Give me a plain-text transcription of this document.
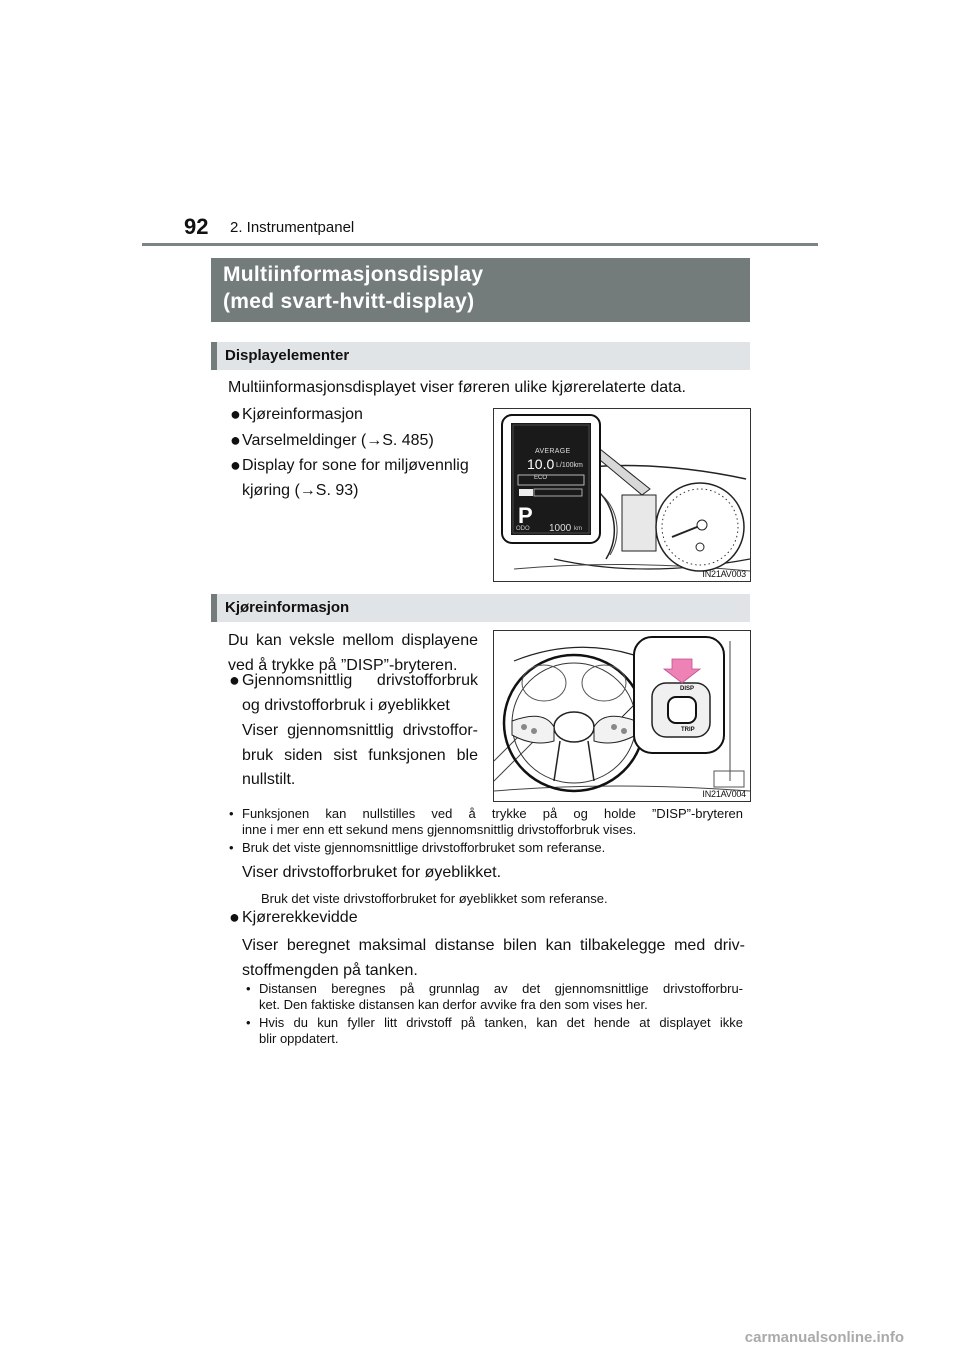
92 2. Instrumentpanel
Multiinformasjonsdisplay
(med svart-hvitt-display)
Displayelementer
Multiinformasjonsdisplayet viser føreren ulike kjørerelaterte data.
● Kjøreinformasjon
● Varselmeldinger (→S. 485)
● Display for sone for miljøvennlig
kjøring (→S. 93)
AVERAGE
10.0 L/100km
ECO
P
ODO 1000 km
IN21AV003
Kjøreinformasjon
Du kan veksle mellom displayene
ved å trykke på ”DISP”-bryteren.
● Gjennomsnittlig drivstofforbruk
og drivstofforbruk i øyeblikket
Viser gjennomsnittlig drivstoffor-
bruk siden sist funksjonen ble
nullstilt.
DISP
TRIP
IN21AV004
• Funksjonen kan nullstilles ved å trykke på og holde ”DISP”-bryteren
inne i mer enn ett sekund mens gjennomsnittlig drivstofforbruk vises.
• Bruk det viste gjennomsnittlige drivstofforbruket som referanse.
Viser drivstofforbruket for øyeblikket.
Bruk det viste drivstofforbruket for øyeblikket som referanse.
● Kjørerekkevidde
Viser beregnet maksimal distanse bilen kan tilbakelegge med driv-
stoffmengden på tanken.
• Distansen beregnes på grunnlag av det gjennomsnittlige drivstofforbru-
ket. Den faktiske distansen kan derfor avvike fra den som vises her.
• Hvis du kun fyller litt drivstoff på tanken, kan det hende at displayet ikke
blir oppdatert.
carmanualsonline.info
